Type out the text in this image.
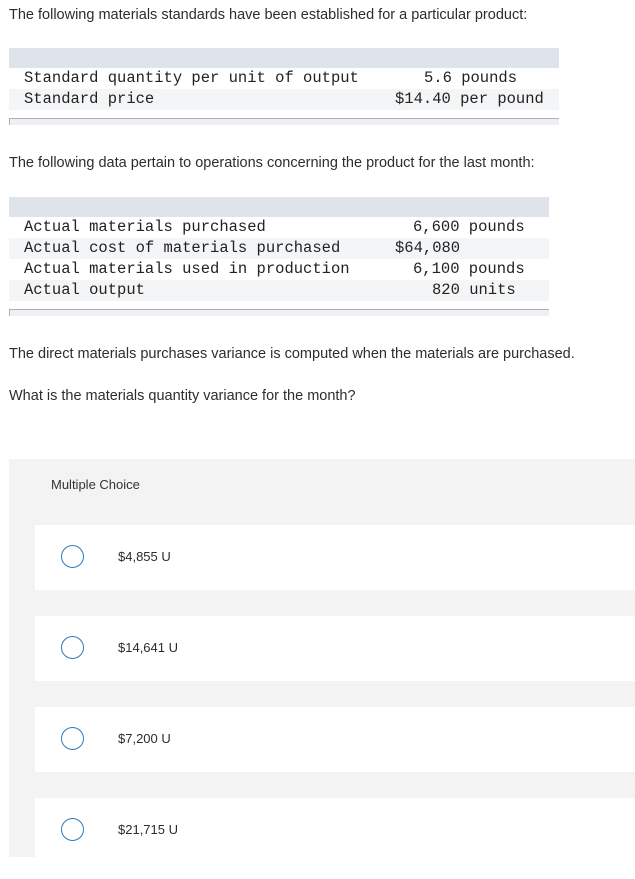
The following materials standards have been established for a particular product:
Standard quantity per unit of output	5.6 pounds
Standard price	$14.40 per pound
The following data pertain to operations concerning the product for the last month:
Actual materials purchased	6,600 pounds
Actual cost of materials purchased	$64,080
Actual materials used in production	6,100 pounds
Actual output	820 units
The direct materials purchases variance is computed when the materials are purchased.
What is the materials quantity variance for the month?
Multiple Choice
$4,855 U
$14,641 U
$7,200 U
$21,715 U
